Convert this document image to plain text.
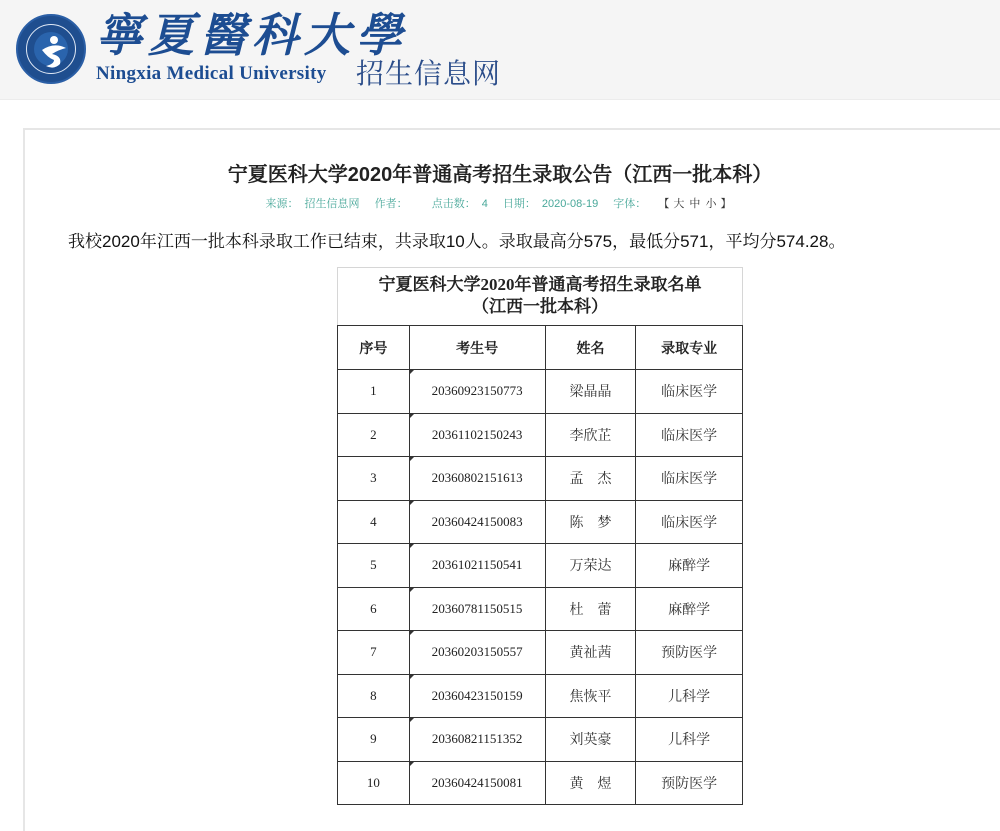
寧夏醫科大學
Ningxia Medical University 招生信息网
宁夏医科大学2020年普通高考招生录取公告（江西一批本科）
来源： 招生信息网 作者： 点击数： 4 日期： 2020-08-19 字体： 【 大 中 小 】

我校2020年江西一批本科录取工作已结束，共录取10人。录取最高分575，最低分571，平均分574.28。

宁夏医科大学2020年普通高考招生录取名单
（江西一批本科）
序号	考生号	姓名	录取专业
1	20360923150773	梁晶晶	临床医学
2	20361102150243	李欣芷	临床医学
3	20360802151613	孟　杰	临床医学
4	20360424150083	陈　梦	临床医学
5	20361021150541	万荣达	麻醉学
6	20360781150515	杜　蕾	麻醉学
7	20360203150557	黄祉茜	预防医学
8	20360423150159	焦恢平	儿科学
9	20360821151352	刘英豪	儿科学
10	20360424150081	黄　煜	预防医学
